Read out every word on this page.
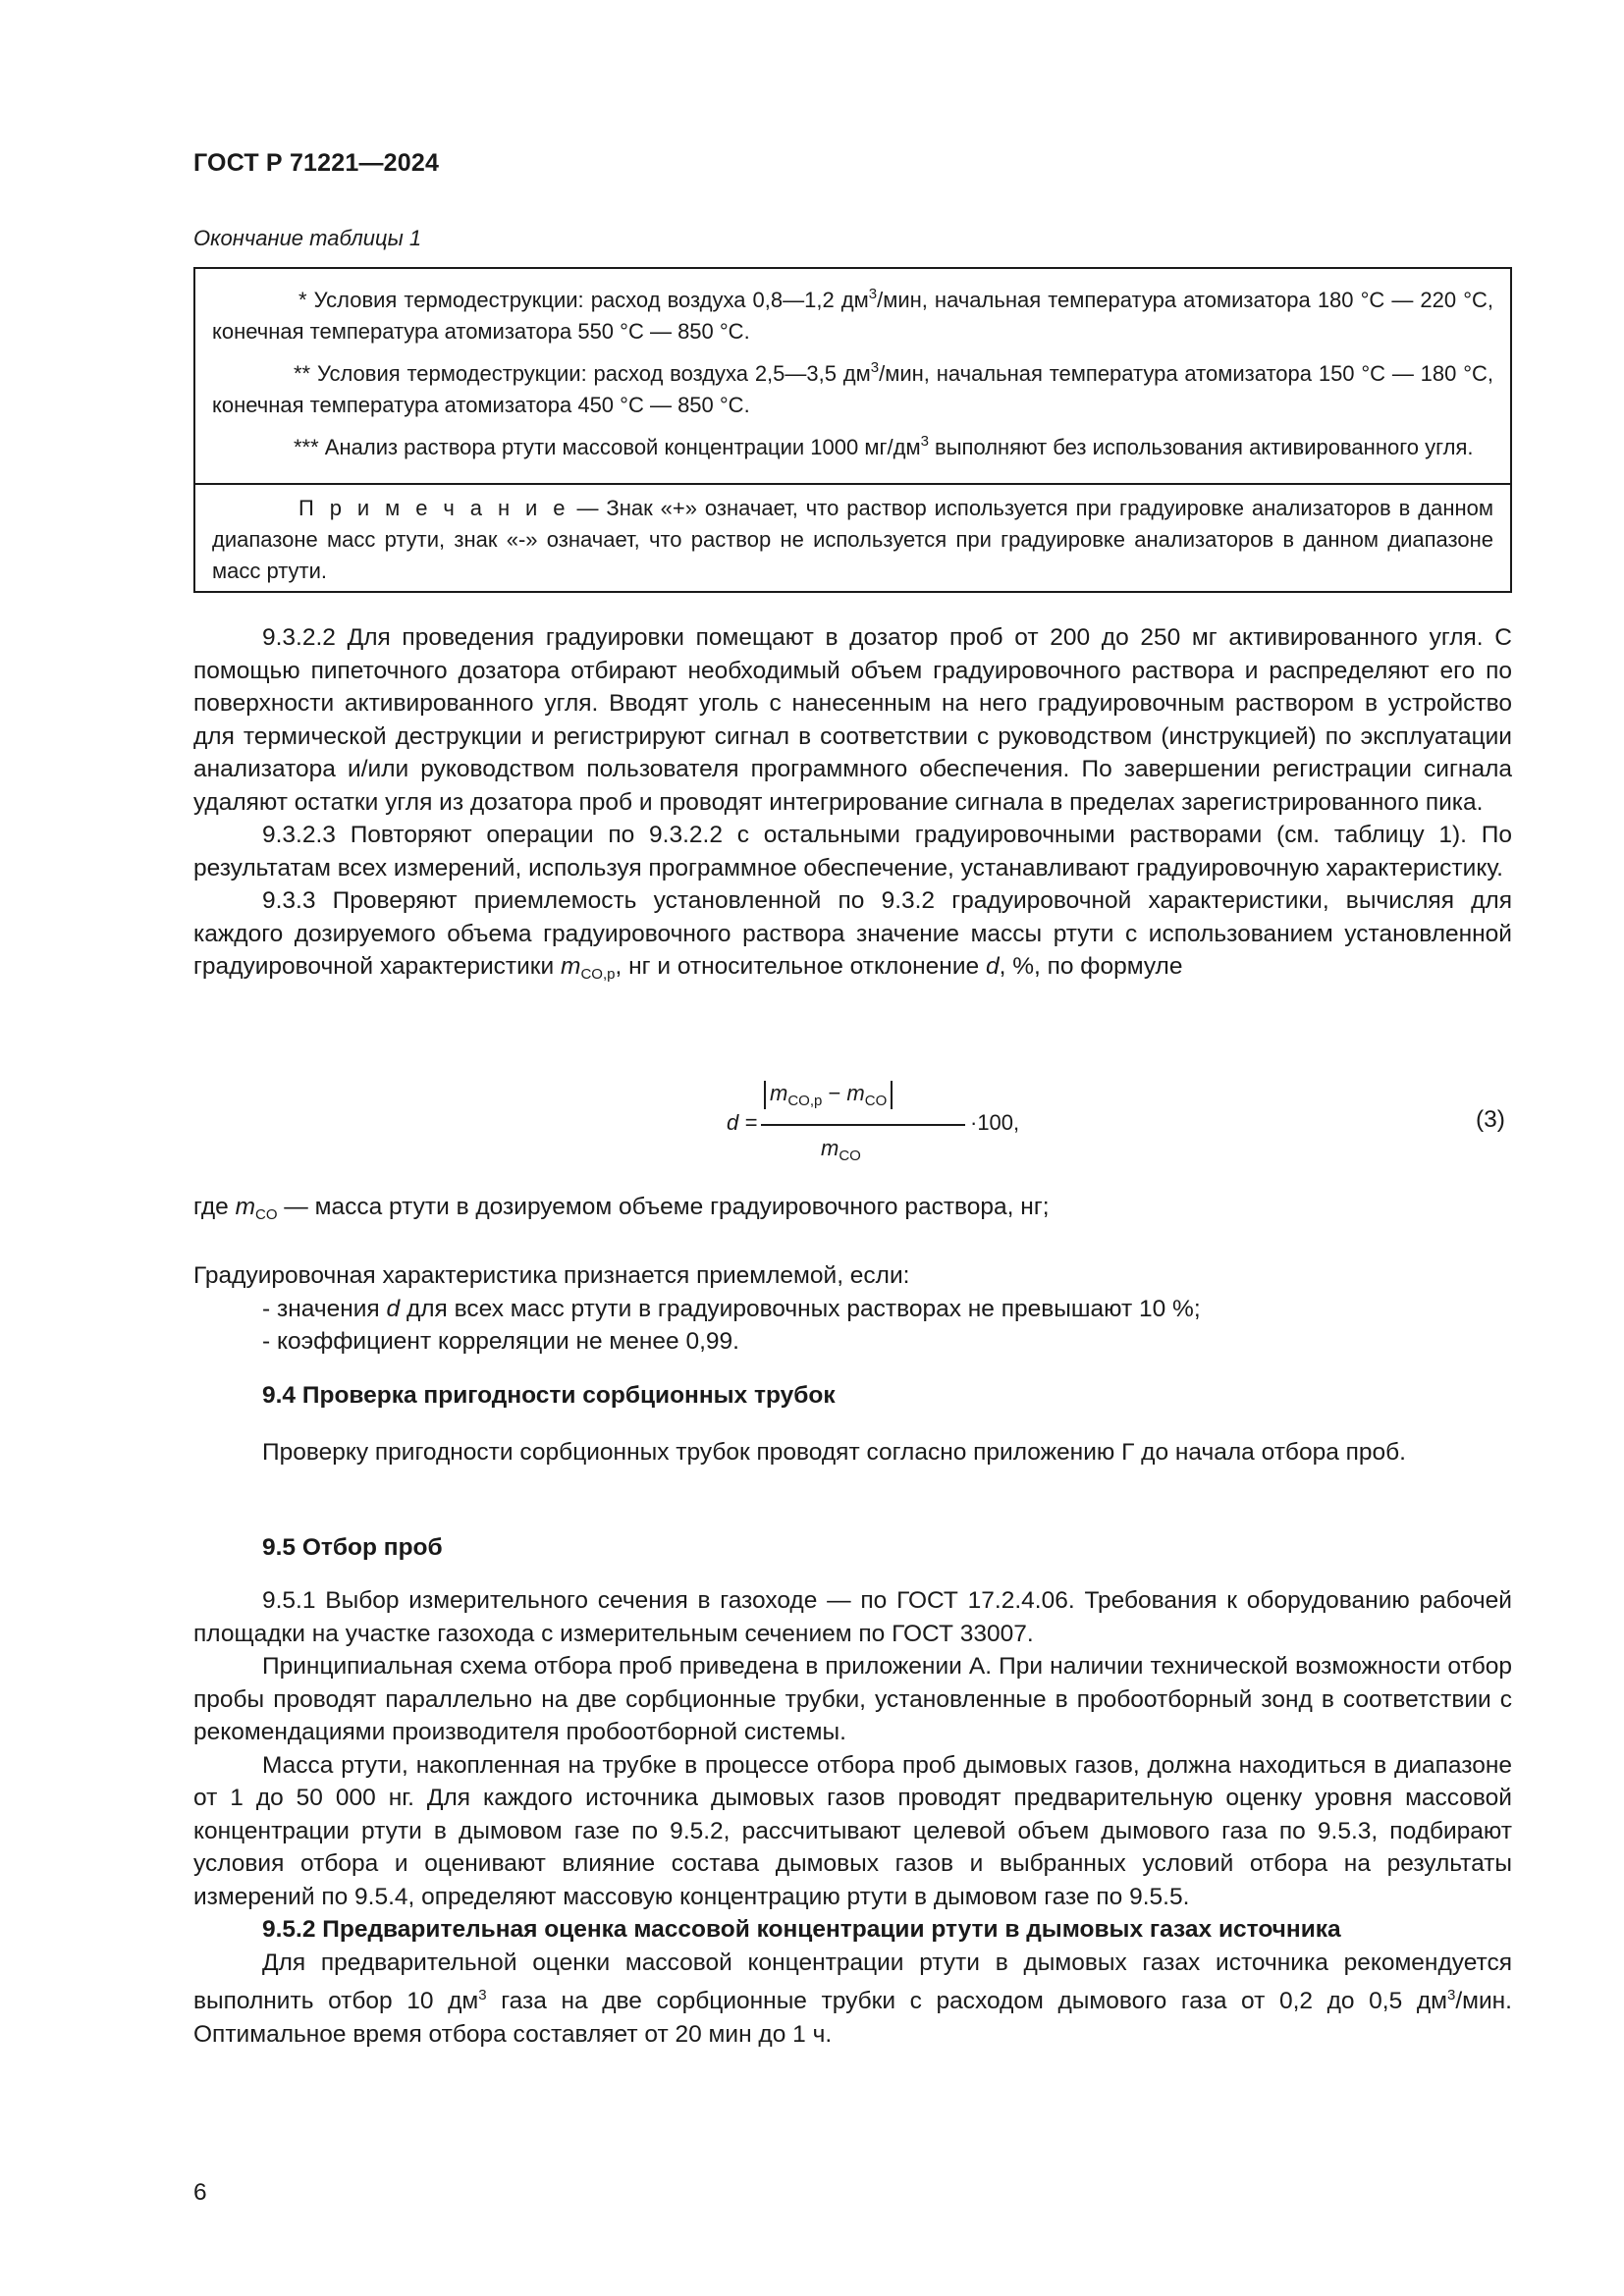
ГОСТ Р 71221—2024
Окончание таблицы 1

* Условия термодеструкции: расход воздуха 0,8—1,2 $дм^3$/мин, начальная температура атомизатора 180 °C — 220 °C, конечная температура атомизатора 550 °C — 850 °C.

** Условия термодеструкции: расход воздуха 2,5—3,5 $дм^3$/мин, начальная температура атомизатора 150 °C — 180 °C, конечная температура атомизатора 450 °C — 850 °C.

*** Анализ раствора ртути массовой концентрации 1000 $мг/дм^3$ выполняют без использования активированного угля.

П р и м е ч а н и е — Знак «+» означает, что раствор используется при градуировке анализаторов в данном диапазоне масс ртути, знак «-» означает, что раствор не используется при градуировке анализаторов в данном диапазоне масс ртути.

9.3.2.2 Для проведения градуировки помещают в дозатор проб от 200 до 250 мг активированного угля. С помощью пипеточного дозатора отбирают необходимый объем градуировочного раствора и распределяют его по поверхности активированного угля. Вводят уголь с нанесенным на него градуировочным раствором в устройство для термической деструкции и регистрируют сигнал в соответствии с руководством (инструкцией) по эксплуатации анализатора и/или руководством пользователя программного обеспечения. По завершении регистрации сигнала удаляют остатки угля из дозатора проб и проводят интегрирование сигнала в пределах зарегистрированного пика.

9.3.2.3 Повторяют операции по 9.3.2.2 с остальными градуировочными растворами (см. таблицу 1). По результатам всех измерений, используя программное обеспечение, устанавливают градуировочную характеристику.

9.3.3 Проверяют приемлемость установленной по 9.3.2 градуировочной характеристики, вычисляя для каждого дозируемого объема градуировочного раствора значение массы ртути с использованием установленной градуировочной характеристики $m_{CO,p}$, нг и относительное отклонение d, %, по формуле

d =
$m_{CO,p} - m_{CO}$
$m_{CO}$
·100,	(3)

где $m_{CO}$ — масса ртути в дозируемом объеме градуировочного раствора, нг;

Градуировочная характеристика признается приемлемой, если:

- значения d для всех масс ртути в градуировочных растворах не превышают 10 %;

- коэффициент корреляции не менее 0,99.

9.4 Проверка пригодности сорбционных трубок

Проверку пригодности сорбционных трубок проводят согласно приложению Г до начала отбора проб.

9.5 Отбор проб

9.5.1 Выбор измерительного сечения в газоходе — по ГОСТ 17.2.4.06. Требования к оборудованию рабочей площадки на участке газохода с измерительным сечением по ГОСТ 33007.

Принципиальная схема отбора проб приведена в приложении А. При наличии технической возможности отбор пробы проводят параллельно на две сорбционные трубки, установленные в пробоотборный зонд в соответствии с рекомендациями производителя пробоотборной системы.

Масса ртути, накопленная на трубке в процессе отбора проб дымовых газов, должна находиться в диапазоне от 1 до 50 000 нг. Для каждого источника дымовых газов проводят предварительную оценку уровня массовой концентрации ртути в дымовом газе по 9.5.2, рассчитывают целевой объем дымового газа по 9.5.3, подбирают условия отбора и оценивают влияние состава дымовых газов и выбранных условий отбора на результаты измерений по 9.5.4, определяют массовую концентрацию ртути в дымовом газе по 9.5.5.

9.5.2 Предварительная оценка массовой концентрации ртути в дымовых газах источника

Для предварительной оценки массовой концентрации ртути в дымовых газах источника рекомендуется выполнить отбор 10 $дм^3$ газа на две сорбционные трубки с расходом дымового газа от 0,2 до 0,5 $дм^3$/мин. Оптимальное время отбора составляет от 20 мин до 1 ч.

6
